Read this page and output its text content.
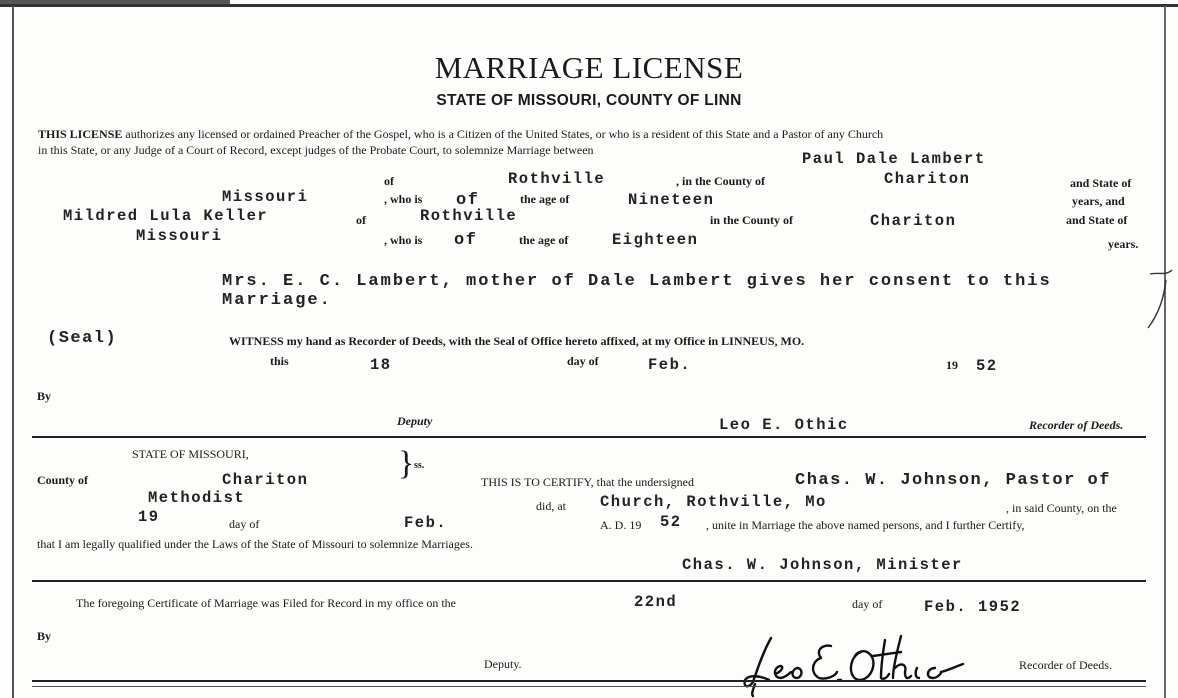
MARRIAGE LICENSE
STATE OF MISSOURI, COUNTY OF LINN
THIS LICENSE authorizes any licensed or ordained Preacher of the Gospel, who is a Citizen of the United States, or who is a resident of this State and a Pastor of any Church
in this State, or any Judge of a Court of Record, except judges of the Probate Court, to solemnize Marriage between	Paul Dale Lambert
of	Rothville	, in the County of	Chariton	and State of
Missouri	, who is of	the age of	Nineteen	years, and
Mildred Lula Keller	of	Rothville	in the County of	Chariton	and State of
Missouri	, who is of	the age of	Eighteen	years.
Mrs. E. C. Lambert, mother of Dale Lambert gives her consent to this
Marriage.
(Seal)	WITNESS my hand as Recorder of Deeds, with the Seal of Office hereto affixed, at my Office in LINNEUS, MO.
this	18	day of	Feb.	19 52
By
Deputy	Leo E. Othic	Recorder of Deeds.
STATE OF MISSOURI,
County of	Chariton	} ss.
THIS IS TO CERTIFY, that the undersigned	Chas. W. Johnson, Pastor of
Methodist	did, at Church, Rothville, Mo	, in said County, on the
19	day of	Feb.	A. D. 19 52 , unite in Marriage the above named persons, and I further Certify,
that I am legally qualified under the Laws of the State of Missouri to solemnize Marriages.
Chas. W. Johnson, Minister
The foregoing Certificate of Marriage was Filed for Record in my office on the	22nd	day of	Feb. 1952
By
Deputy.	Recorder of Deeds.
